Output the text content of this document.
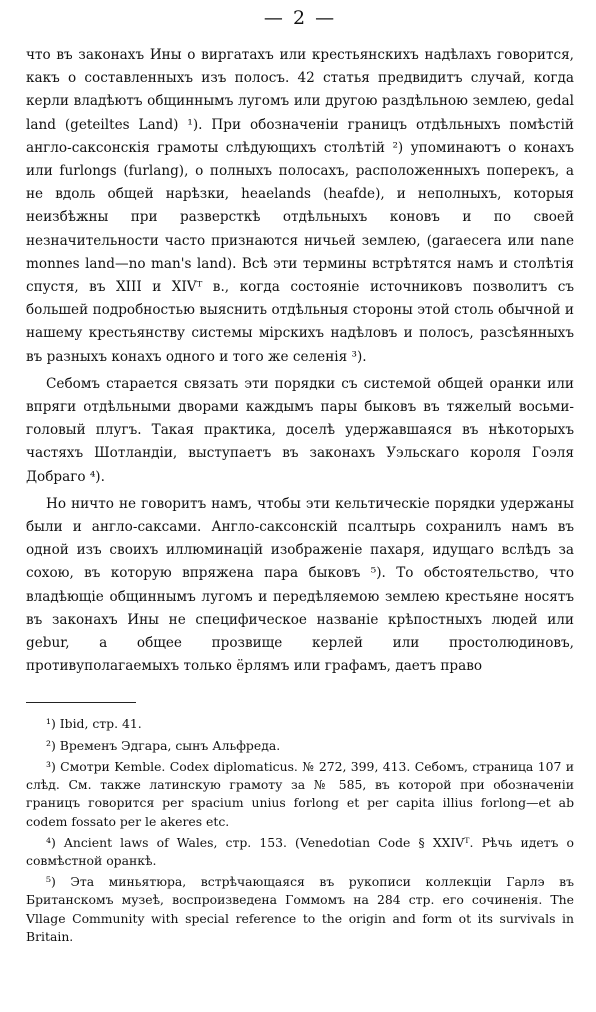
— 2 —

что въ законахъ Ины о виргатахъ или крестьянскихъ надѣлахъ говорится, какъ о составленныхъ изъ полосъ. 42 статья предвидитъ случай, когда керли владѣютъ общиннымъ лугомъ или другою раздѣльною землею, gedal land (geteiltes Land) ¹). При обозначеніи границъ отдѣльныхъ помѣстій англо-саксонскія грамоты слѣдующихъ столѣтій ²) упоминаютъ о конахъ или furlongs (furlang), о полныхъ полосахъ, расположенныхъ поперекъ, а не вдоль общей нарѣзки, heaelands (heafde), и неполныхъ, которыя неизбѣжны при разверсткѣ отдѣльныхъ коновъ и по своей незначительности часто признаются ничьей землею, (garaecera или nane monnes land—no man's land). Всѣ эти термины встрѣтятся намъ и столѣтія спустя, въ XIII и XIVᵀ в., когда состояніе источниковъ позволитъ съ большей подробностью выяснить отдѣльныя стороны этой столь обычной и нашему крестьянству системы мірскихъ надѣловъ и полосъ, разсѣянныхъ въ разныхъ конахъ одного и того же селенія ³).

Себомъ старается связать эти порядки съ системой общей оранки или впряги отдѣльными дворами каждымъ пары быковъ въ тяжелый восьми-головый плугъ. Такая практика, доселѣ удержавшаяся въ нѣкоторыхъ частяхъ Шотландіи, выступаетъ въ законахъ Уэльскаго короля Гоэля Добраго ⁴).

Но ничто не говоритъ намъ, чтобы эти кельтическіе порядки удержаны были и англо-саксами. Англо-саксонскій псалтырь сохранилъ намъ въ одной изъ своихъ иллюминацій изображеніе пахаря, идущаго вслѣдъ за сохою, въ которую впряжена пара быковъ ⁵). То обстоятельство, что владѣющіе общиннымъ лугомъ и передѣляемою землею крестьяне носятъ въ законахъ Ины не специфическое названіе крѣпостныхъ людей или gebur, а общее прозвище керлей или простолюдиновъ, противуполагаемыхъ только ёрлямъ или графамъ, даетъ право

¹) Ibid, стр. 41.

²) Временъ Эдгара, сынъ Альфреда.

³) Смотри Kemble. Codex diplomaticus. № 272, 399, 413. Себомъ, страница 107 и слѣд. См. также латинскую грамоту за № 585, въ которой при обозначеніи границъ говорится per spacium unius forlong et per capita illius forlong—et ab codem fossato per le akeres etc.

⁴) Ancient laws of Wales, стр. 153. (Venedotian Code § XXIVᵀ. Рѣчь идетъ о совмѣстной оранкѣ.

⁵) Эта миньятюра, встрѣчающаяся въ рукописи коллекціи Гарлэ въ Британскомъ музеѣ, воспроизведена Гоммомъ на 284 стр. его сочиненія. The Vllage Community with special reference to the origin and form ot its survivals in Britain.
